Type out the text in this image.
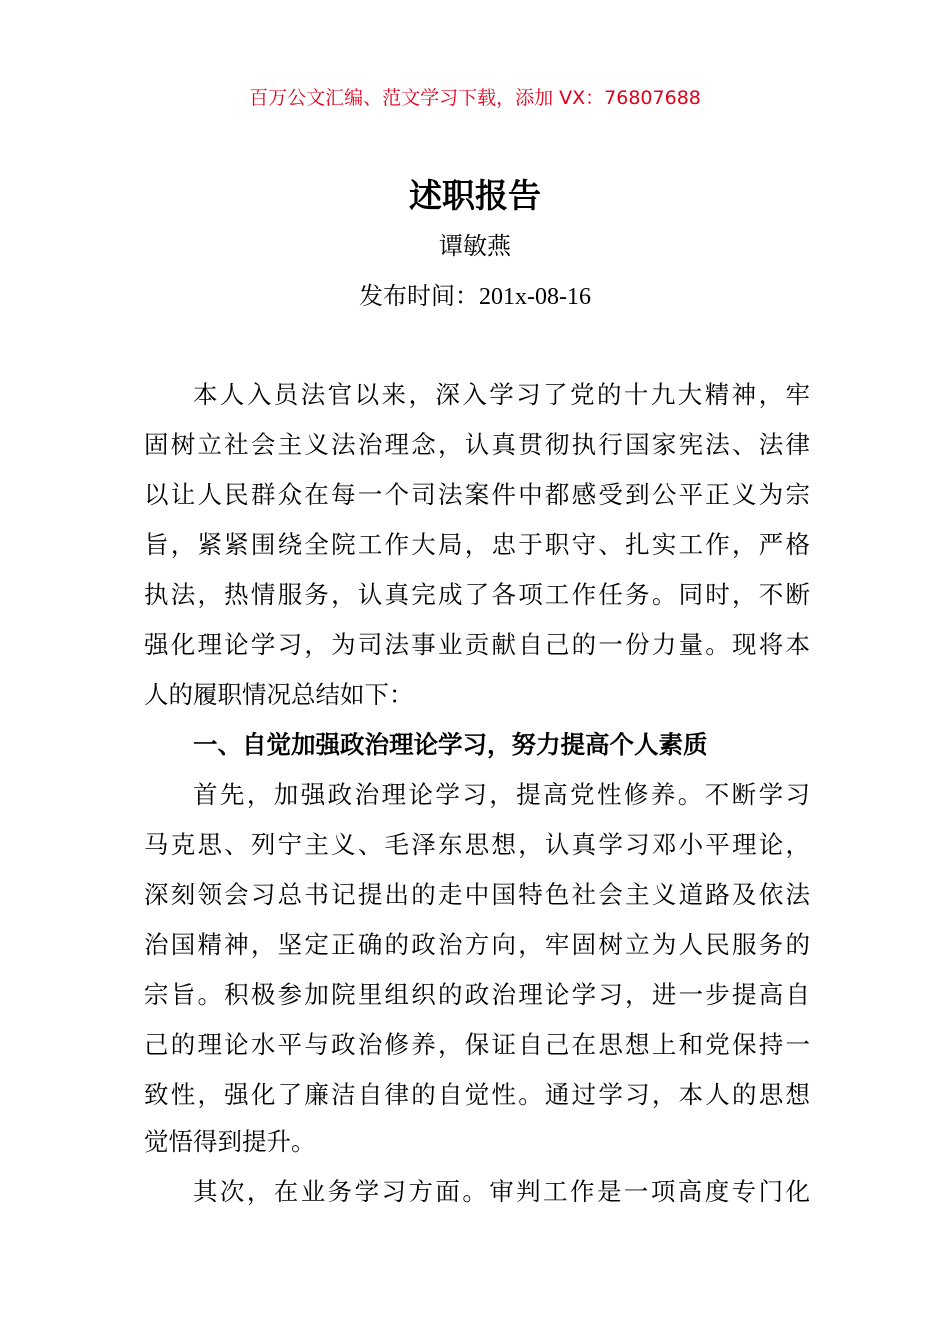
百万公文汇编、范文学习下载，添加 VX：76807688
述职报告
谭敏燕
发布时间：201x-08-16
本人入员法官以来，深入学习了党的十九大精神，牢
固树立社会主义法治理念，认真贯彻执行国家宪法、法律
以让人民群众在每一个司法案件中都感受到公平正义为宗
旨，紧紧围绕全院工作大局，忠于职守、扎实工作，严格
执法，热情服务，认真完成了各项工作任务。同时，不断
强化理论学习，为司法事业贡献自己的一份力量。现将本
人的履职情况总结如下：
一、自觉加强政治理论学习，努力提高个人素质
首先，加强政治理论学习，提高党性修养。不断学习
马克思、列宁主义、毛泽东思想，认真学习邓小平理论，
深刻领会习总书记提出的走中国特色社会主义道路及依法
治国精神，坚定正确的政治方向，牢固树立为人民服务的
宗旨。积极参加院里组织的政治理论学习，进一步提高自
己的理论水平与政治修养，保证自己在思想上和党保持一
致性，强化了廉洁自律的自觉性。通过学习，本人的思想
觉悟得到提升。
其次，在业务学习方面。审判工作是一项高度专门化
